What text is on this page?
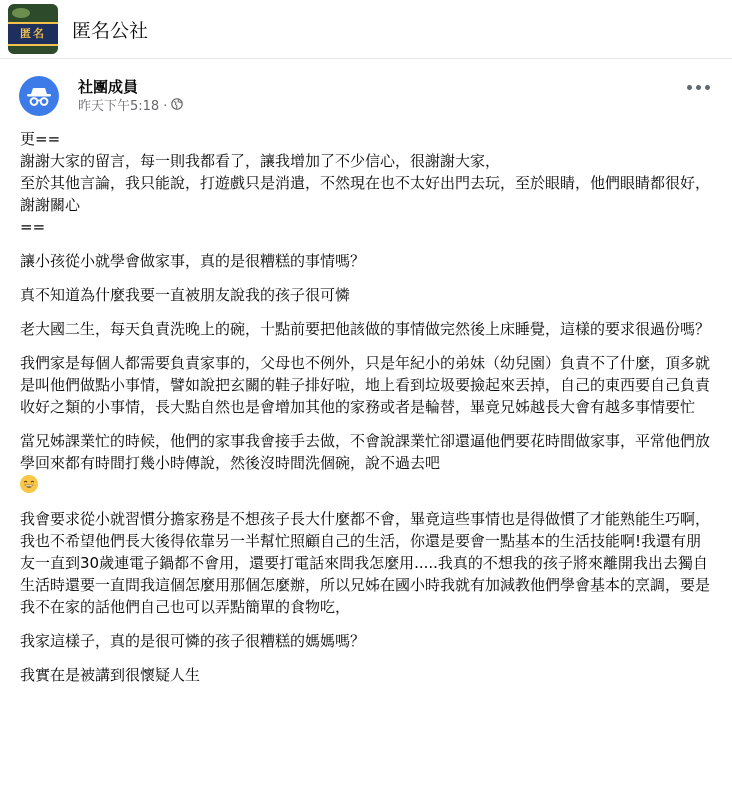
匿名	匿名公社
社團成員
昨天下午5:18 ·

更==
謝謝大家的留言，每一則我都看了，讓我增加了不少信心，很謝謝大家，
至於其他言論，我只能說，打遊戲只是消遣，不然現在也不太好出門去玩，至於眼睛，他們眼睛都很好，謝謝關心
==

讓小孩從小就學會做家事，真的是很糟糕的事情嗎？

真不知道為什麼我要一直被朋友說我的孩子很可憐

老大國二生，每天負責洗晚上的碗，十點前要把他該做的事情做完然後上床睡覺，這樣的要求很過份嗎？

我們家是每個人都需要負責家事的，父母也不例外，只是年紀小的弟妹（幼兒園）負責不了什麼，頂多就是叫他們做點小事情，譬如說把玄關的鞋子排好啦，地上看到垃圾要撿起來丟掉，自己的東西要自己負責收好之類的小事情，長大點自然也是會增加其他的家務或者是輪替，畢竟兄姊越長大會有越多事情要忙

當兄姊課業忙的時候，他們的家事我會接手去做，不會說課業忙卻還逼他們要花時間做家事，平常他們放學回來都有時間打幾小時傳說，然後沒時間洗個碗，說不過去吧

我會要求從小就習慣分擔家務是不想孩子長大什麼都不會，畢竟這些事情也是得做慣了才能熟能生巧啊，我也不希望他們長大後得依靠另一半幫忙照顧自己的生活，你還是要會一點基本的生活技能啊!我還有朋友一直到30歲連電子鍋都不會用，還要打電話來問我怎麼用.....我真的不想我的孩子將來離開我出去獨自生活時還要一直問我這個怎麼用那個怎麼辦，所以兄姊在國小時我就有加減教他們學會基本的烹調，要是我不在家的話他們自己也可以弄點簡單的食物吃，

我家這樣子，真的是很可憐的孩子很糟糕的媽媽嗎？

我實在是被講到很懷疑人生
